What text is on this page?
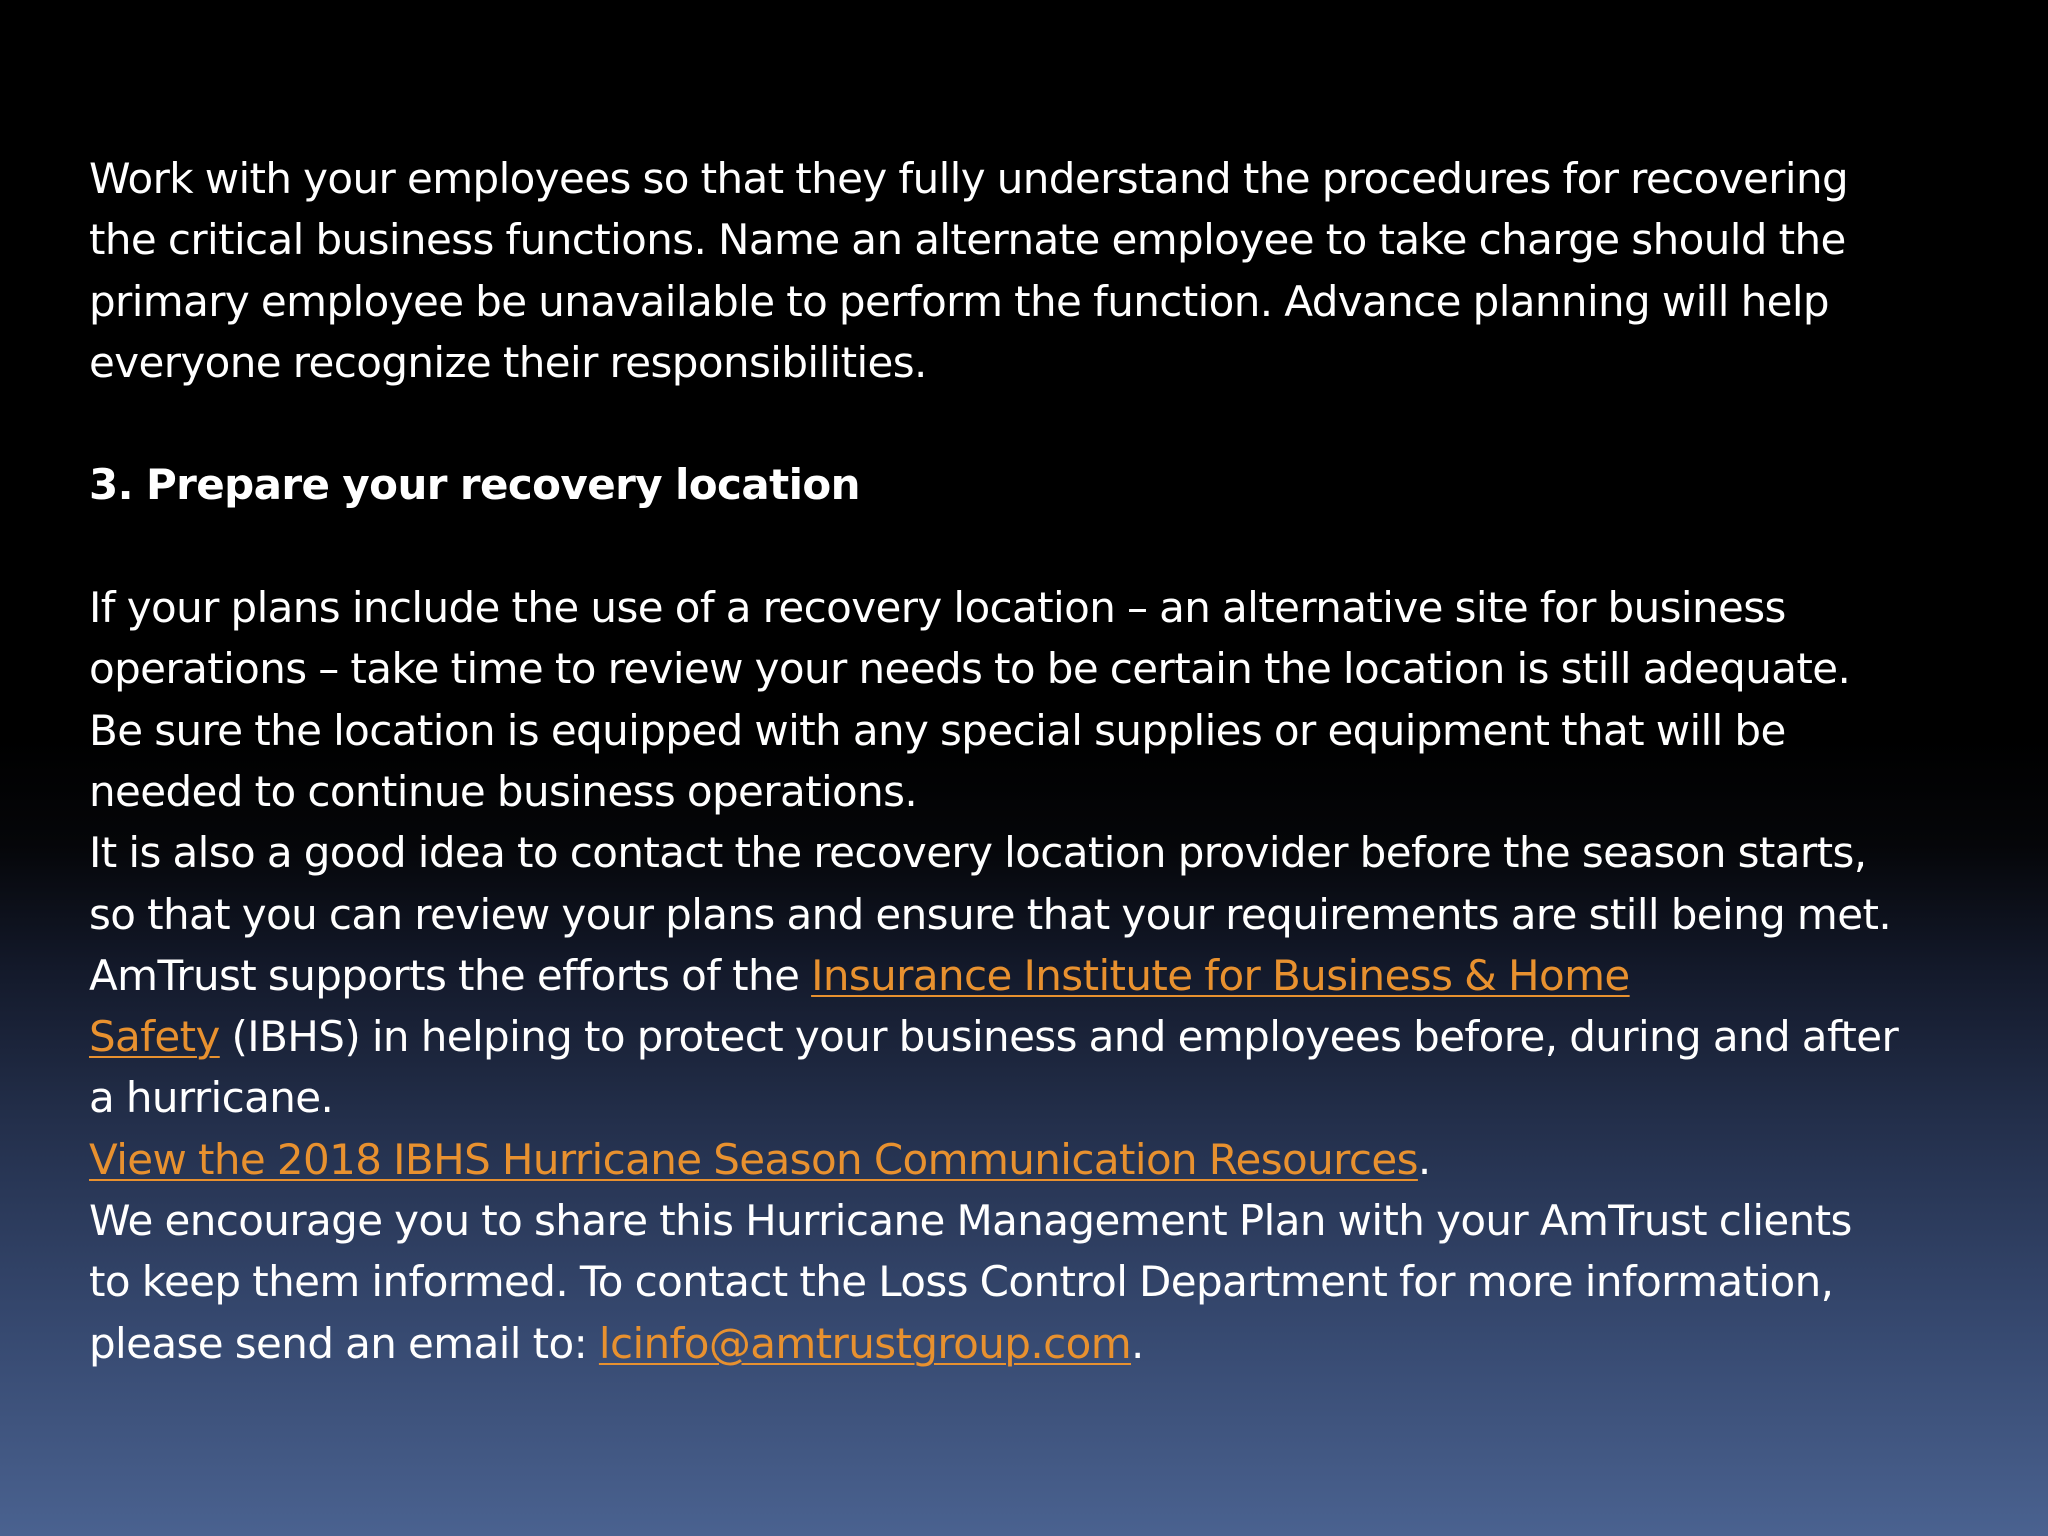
Work with your employees so that they fully understand the procedures for recovering
the critical business functions. Name an alternate employee to take charge should the
primary employee be unavailable to perform the function. Advance planning will help
everyone recognize their responsibilities.
3. Prepare your recovery location
If your plans include the use of a recovery location – an alternative site for business
operations – take time to review your needs to be certain the location is still adequate.
Be sure the location is equipped with any special supplies or equipment that will be
needed to continue business operations.
It is also a good idea to contact the recovery location provider before the season starts,
so that you can review your plans and ensure that your requirements are still being met.
AmTrust supports the efforts of the Insurance Institute for Business & Home
Safety (IBHS) in helping to protect your business and employees before, during and after
a hurricane.
View the 2018 IBHS Hurricane Season Communication Resources.
We encourage you to share this Hurricane Management Plan with your AmTrust clients
to keep them informed. To contact the Loss Control Department for more information,
please send an email to: lcinfo@amtrustgroup.com.
